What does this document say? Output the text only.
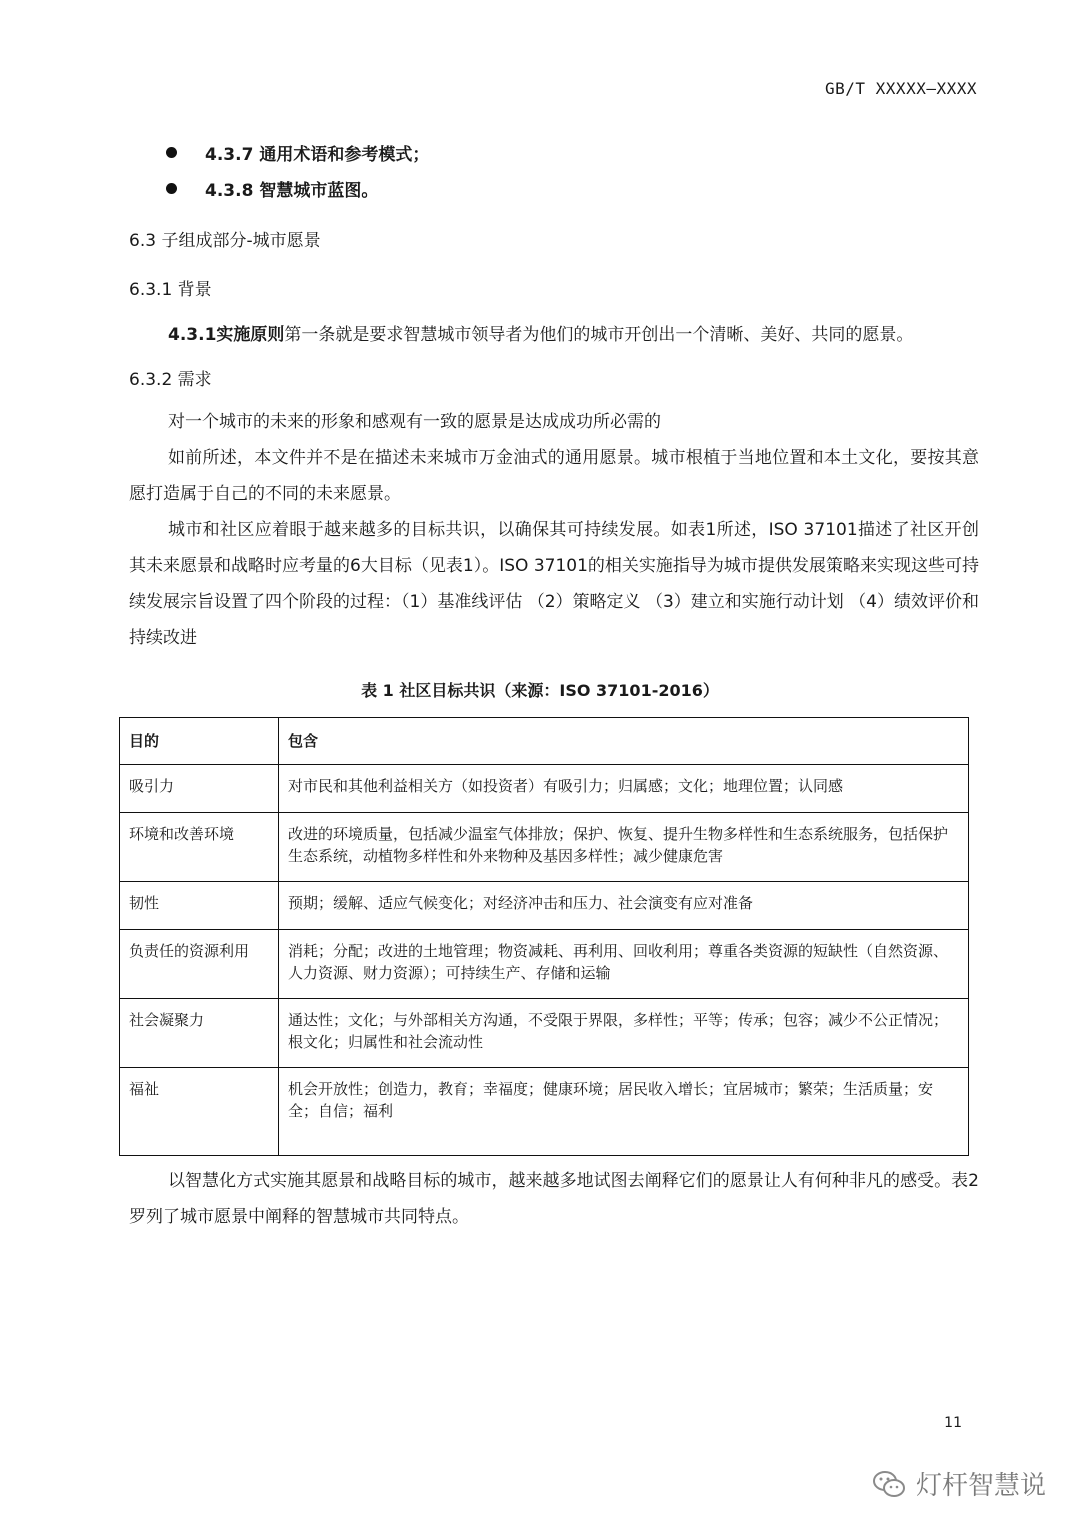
GB/T XXXXX—XXXX
4.3.7 通用术语和参考模式；
4.3.8 智慧城市蓝图。
6.3 子组成部分-城市愿景
6.3.1 背景

4.3.1实施原则第一条就是要求智慧城市领导者为他们的城市开创出一个清晰、美好、共同的愿景。

6.3.2 需求

对一个城市的未来的形象和感观有一致的愿景是达成成功所必需的

如前所述，本文件并不是在描述未来城市万金油式的通用愿景。城市根植于当地位置和本土文化，要按其意愿打造属于自己的不同的未来愿景。

城市和社区应着眼于越来越多的目标共识，以确保其可持续发展。如表1所述，ISO 37101描述了社区开创其未来愿景和战略时应考量的6大目标（见表1）。ISO 37101的相关实施指导为城市提供发展策略来实现这些可持续发展宗旨设置了四个阶段的过程：（1）基准线评估 （2）策略定义 （3）建立和实施行动计划 （4）绩效评价和持续改进

表 1 社区目标共识（来源：ISO 37101-2016）
目的	包含
吸引力	对市民和其他利益相关方（如投资者）有吸引力；归属感；文化；地理位置；认同感
环境和改善环境	改进的环境质量，包括减少温室气体排放；保护、恢复、提升生物多样性和生态系统服务，包括保护生态系统，动植物多样性和外来物种及基因多样性；减少健康危害
韧性	预期；缓解、适应气候变化；对经济冲击和压力、社会演变有应对准备
负责任的资源利用	消耗；分配；改进的土地管理；物资减耗、再利用、回收利用；尊重各类资源的短缺性（自然资源、人力资源、财力资源）；可持续生产、存储和运输
社会凝聚力	通达性；文化；与外部相关方沟通，不受限于界限，多样性；平等；传承；包容；减少不公正情况；根文化；归属性和社会流动性
福祉	机会开放性；创造力，教育；幸福度；健康环境；居民收入增长；宜居城市；繁荣；生活质量；安全；自信；福利

以智慧化方式实施其愿景和战略目标的城市，越来越多地试图去阐释它们的愿景让人有何种非凡的感受。表2罗列了城市愿景中阐释的智慧城市共同特点。

11
灯杆智慧说
